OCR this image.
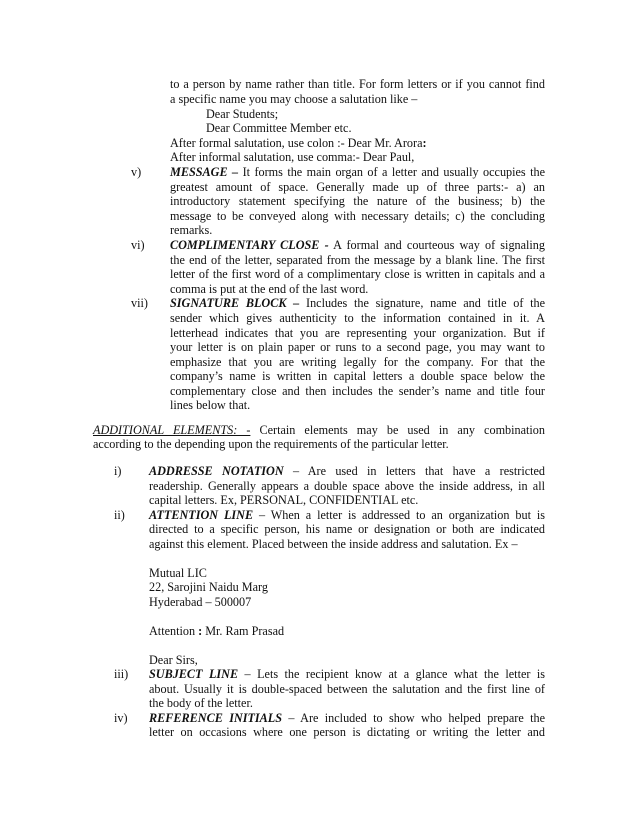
to a person by name rather than title. For form letters or if you cannot find
a specific name you may choose a salutation like –
Dear Students;
Dear Committee Member etc.
After formal salutation, use colon :- Dear Mr. Arora:
After informal salutation, use comma:- Dear Paul,
v) MESSAGE – It forms the main organ of a letter and usually occupies the
greatest amount of space. Generally made up of three parts:- a) an
introductory statement specifying the nature of the business; b) the
message to be conveyed along with necessary details; c) the concluding
remarks.
vi) COMPLIMENTARY CLOSE - A formal and courteous way of signaling
the end of the letter, separated from the message by a blank line. The first
letter of the first word of a complimentary close is written in capitals and a
comma is put at the end of the last word.
vii) SIGNATURE BLOCK – Includes the signature, name and title of the
sender which gives authenticity to the information contained in it. A
letterhead indicates that you are representing your organization. But if
your letter is on plain paper or runs to a second page, you may want to
emphasize that you are writing legally for the company. For that the
company’s name is written in capital letters a double space below the
complementary close and then includes the sender’s name and title four
lines below that.
ADDITIONAL ELEMENTS: - Certain elements may be used in any combination
according to the depending upon the requirements of the particular letter.
i) ADDRESSE NOTATION – Are used in letters that have a restricted
readership. Generally appears a double space above the inside address, in all
capital letters. Ex, PERSONAL, CONFIDENTIAL etc.
ii) ATTENTION LINE – When a letter is addressed to an organization but is
directed to a specific person, his name or designation or both are indicated
against this element. Placed between the inside address and salutation. Ex –
Mutual LIC
22, Sarojini Naidu Marg
Hyderabad – 500007
Attention : Mr. Ram Prasad
Dear Sirs,
iii) SUBJECT LINE – Lets the recipient know at a glance what the letter is
about. Usually it is double-spaced between the salutation and the first line of
the body of the letter.
iv) REFERENCE INITIALS – Are included to show who helped prepare the
letter on occasions where one person is dictating or writing the letter and
